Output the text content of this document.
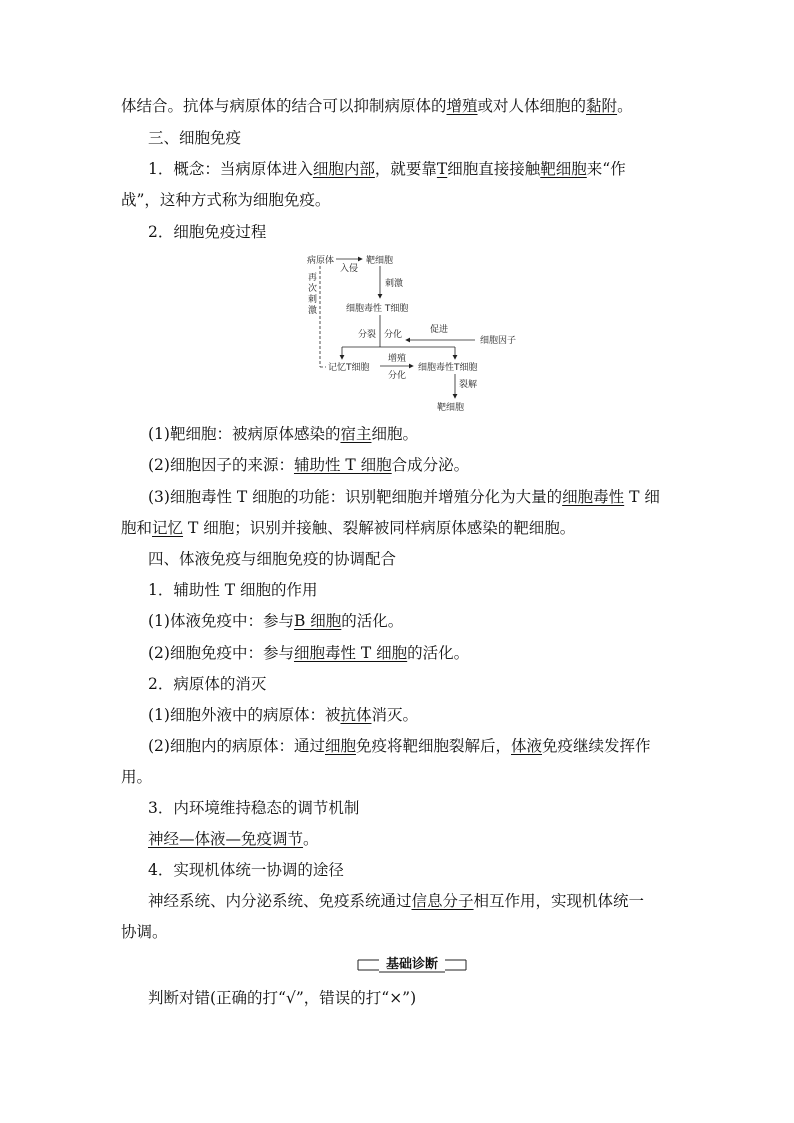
体结合。抗体与病原体的结合可以抑制病原体的增殖或对人体细胞的黏附。
三、细胞免疫
1．概念：当病原体进入细胞内部，就要靠T细胞直接接触靶细胞来“作
战”，这种方式称为细胞免疫。
2．细胞免疫过程
病原体
入侵
靶细胞
刺激
细胞毒性 T细胞
再
次
刺
激
分裂 分化	促进
细胞因子
记忆T细胞
增殖
分化
细胞毒性T细胞
裂解
靶细胞
(1)靶细胞：被病原体感染的宿主细胞。
(2)细胞因子的来源：辅助性 T 细胞合成分泌。
(3)细胞毒性 T 细胞的功能：识别靶细胞并增殖分化为大量的细胞毒性 T 细
胞和记忆 T 细胞；识别并接触、裂解被同样病原体感染的靶细胞。
四、体液免疫与细胞免疫的协调配合
1．辅助性 T 细胞的作用
(1)体液免疫中：参与B 细胞的活化。
(2)细胞免疫中：参与细胞毒性 T 细胞的活化。
2．病原体的消灭
(1)细胞外液中的病原体：被抗体消灭。
(2)细胞内的病原体：通过细胞免疫将靶细胞裂解后，体液免疫继续发挥作
用。
3．内环境维持稳态的调节机制
神经—体液—免疫调节。
4．实现机体统一协调的途径
神经系统、内分泌系统、免疫系统通过信息分子相互作用，实现机体统一
协调。
基础诊断
判断对错(正确的打“√”，错误的打“×”)
